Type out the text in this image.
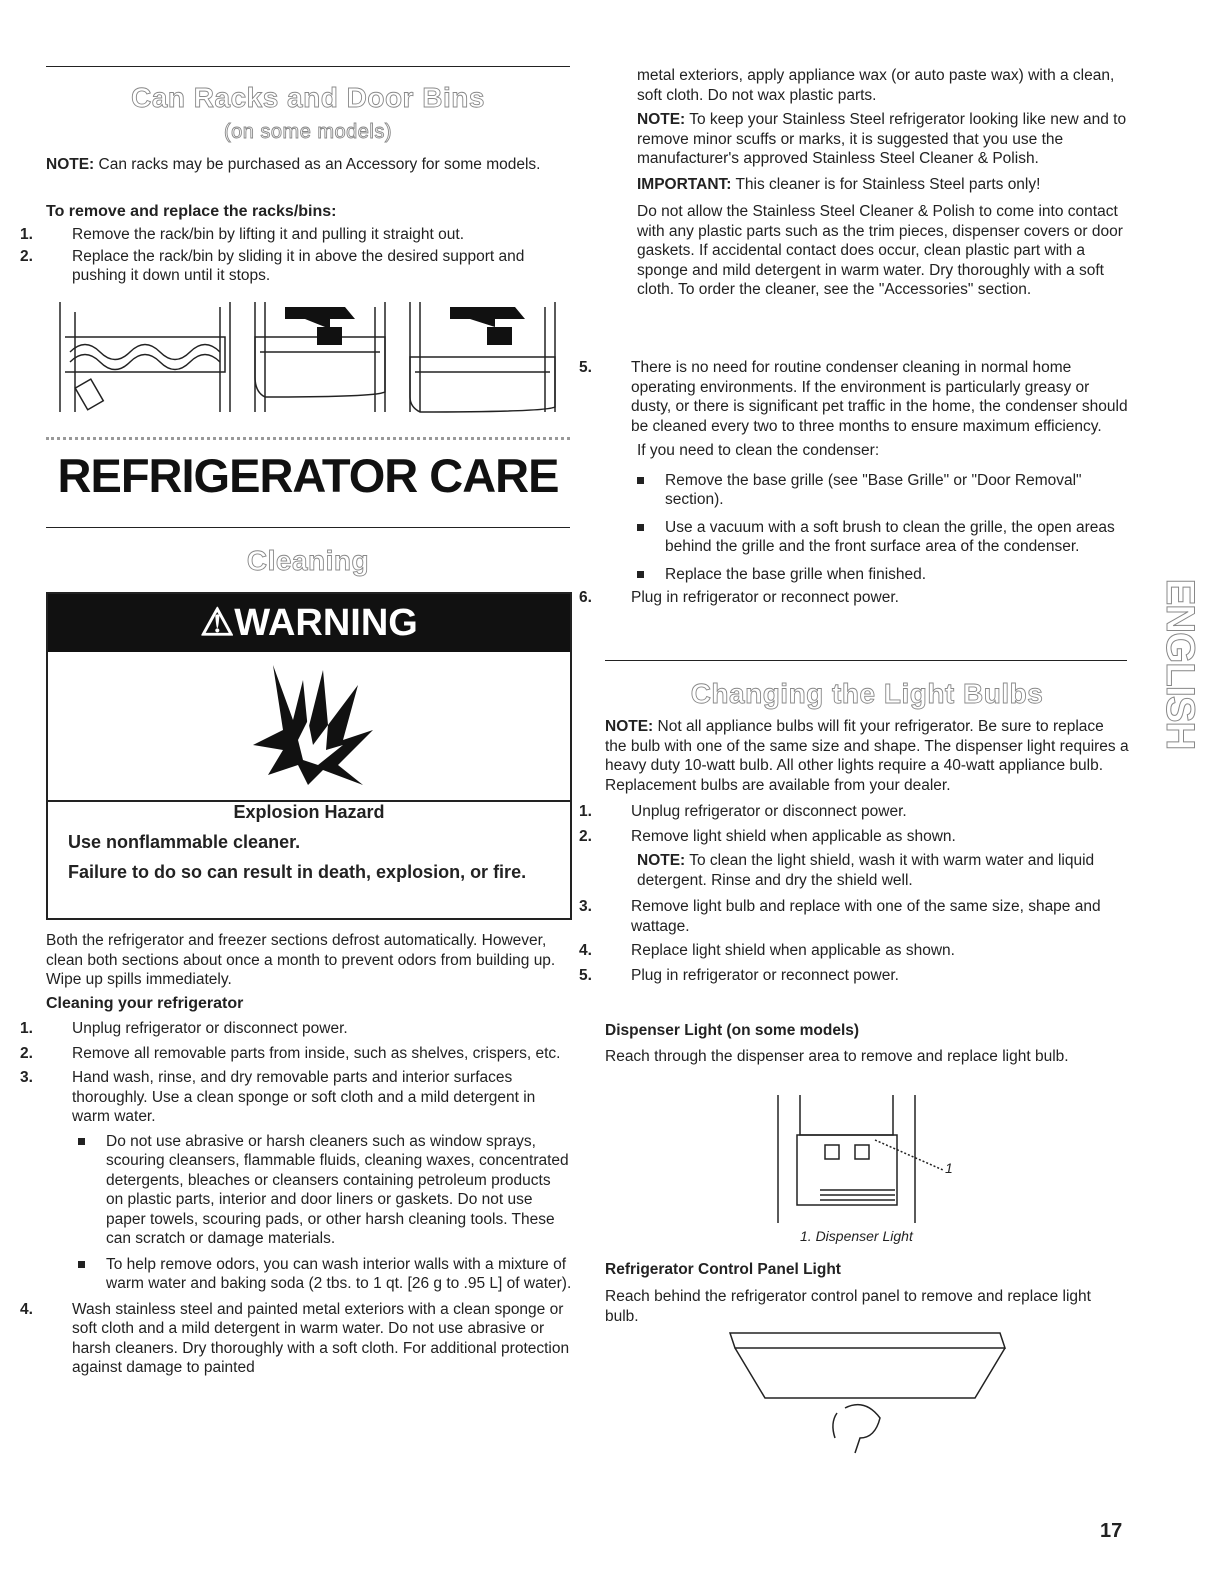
Can Racks and Door Bins
(on some models)

NOTE: Can racks may be purchased as an Accessory for some models.

To remove and replace the racks/bins:

1.	Remove the rack/bin by lifting it and pulling it straight out.

2.	Replace the rack/bin by sliding it in above the desired support and pushing it down until it stops.

REFRIGERATOR CARE
Cleaning
⚠WARNING
Explosion Hazard
Use nonflammable cleaner.
Failure to do so can result in death, explosion, or fire.

Both the refrigerator and freezer sections defrost automatically. However, clean both sections about once a month to prevent odors from building up. Wipe up spills immediately.

Cleaning your refrigerator

1.	Unplug refrigerator or disconnect power.

2.	Remove all removable parts from inside, such as shelves, crispers, etc.

3.	Hand wash, rinse, and dry removable parts and interior surfaces thoroughly. Use a clean sponge or soft cloth and a mild detergent in warm water.

Do not use abrasive or harsh cleaners such as window sprays, scouring cleansers, flammable fluids, cleaning waxes, concentrated detergents, bleaches or cleansers containing petroleum products on plastic parts, interior and door liners or gaskets. Do not use paper towels, scouring pads, or other harsh cleaning tools. These can scratch or damage materials.

To help remove odors, you can wash interior walls with a mixture of warm water and baking soda (2 tbs. to 1 qt. [26 g to .95 L] of water).

4.	Wash stainless steel and painted metal exteriors with a clean sponge or soft cloth and a mild detergent in warm water. Do not use abrasive or harsh cleaners. Dry thoroughly with a soft cloth. For additional protection against damage to painted

metal exteriors, apply appliance wax (or auto paste wax) with a clean, soft cloth. Do not wax plastic parts.

NOTE: To keep your Stainless Steel refrigerator looking like new and to remove minor scuffs or marks, it is suggested that you use the manufacturer's approved Stainless Steel Cleaner & Polish.

IMPORTANT: This cleaner is for Stainless Steel parts only!

Do not allow the Stainless Steel Cleaner & Polish to come into contact with any plastic parts such as the trim pieces, dispenser covers or door gaskets. If accidental contact does occur, clean plastic part with a sponge and mild detergent in warm water. Dry thoroughly with a soft cloth. To order the cleaner, see the "Accessories" section.

5.	There is no need for routine condenser cleaning in normal home operating environments. If the environment is particularly greasy or dusty, or there is significant pet traffic in the home, the condenser should be cleaned every two to three months to ensure maximum efficiency.

If you need to clean the condenser:

Remove the base grille (see "Base Grille" or "Door Removal" section).

Use a vacuum with a soft brush to clean the grille, the open areas behind the grille and the front surface area of the condenser.

Replace the base grille when finished.

6.	Plug in refrigerator or reconnect power.

Changing the Light Bulbs

NOTE: Not all appliance bulbs will fit your refrigerator. Be sure to replace the bulb with one of the same size and shape. The dispenser light requires a heavy duty 10-watt bulb. All other lights require a 40-watt appliance bulb. Replacement bulbs are available from your dealer.

1.	Unplug refrigerator or disconnect power.

2.	Remove light shield when applicable as shown.

NOTE: To clean the light shield, wash it with warm water and liquid detergent. Rinse and dry the shield well.

3.	Remove light bulb and replace with one of the same size, shape and wattage.

4.	Replace light shield when applicable as shown.

5.	Plug in refrigerator or reconnect power.

Dispenser Light (on some models)

Reach through the dispenser area to remove and replace light bulb.

1
1. Dispenser Light
Refrigerator Control Panel Light

Reach behind the refrigerator control panel to remove and replace light bulb.

ENGLISH
17
